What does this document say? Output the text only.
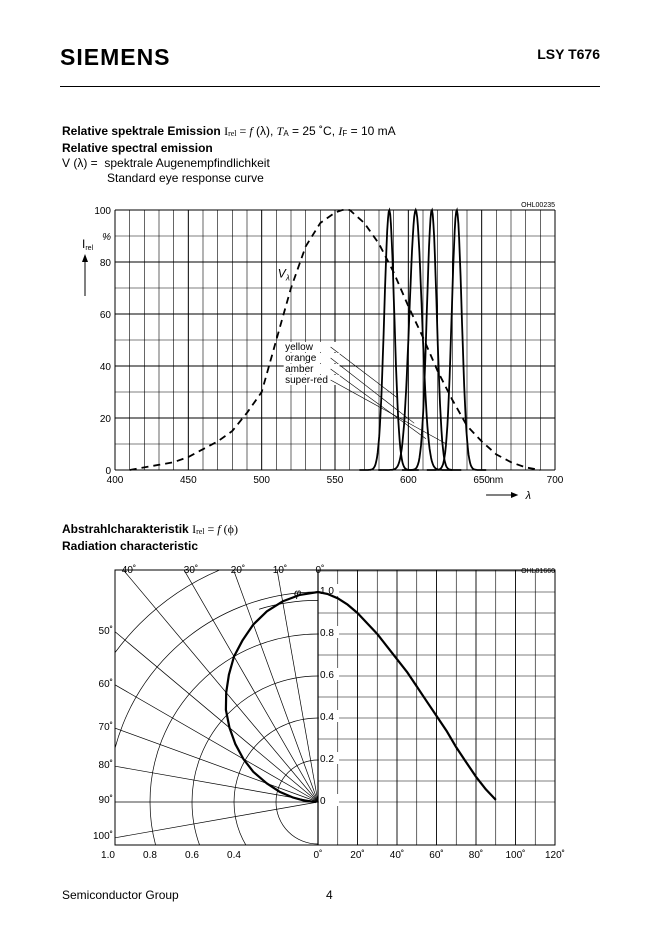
SIEMENS	LSY T676
Relative spektrale Emission $I_{rel} = f$ (λ), $T_A = 25$ ˚C, $I_F = 10$ mA
Relative spectral emission
V (λ) = spektrale Augenempfindlichkeit
Standard eye response curve
400	450	500	550	600	650	700
0
20
40
60
80
100
%
nm
OHL00235
Irel
λ
$V_\lambda$
yellow
orange
amber
super-red
Abstrahlcharakteristik $I_{rel} = f$ (ϕ)
Radiation characteristic
0
0.2
0.4
0.6
0.8
1.0
1.0	0.8	0.6	0.4	0˚	20˚	40˚	60˚	80˚ 100˚ 120˚
40˚	30˚	20˚	10˚	0˚
50˚
60˚
70˚
80˚
90˚
100˚
OHL01660
φ
Semiconductor Group	4
